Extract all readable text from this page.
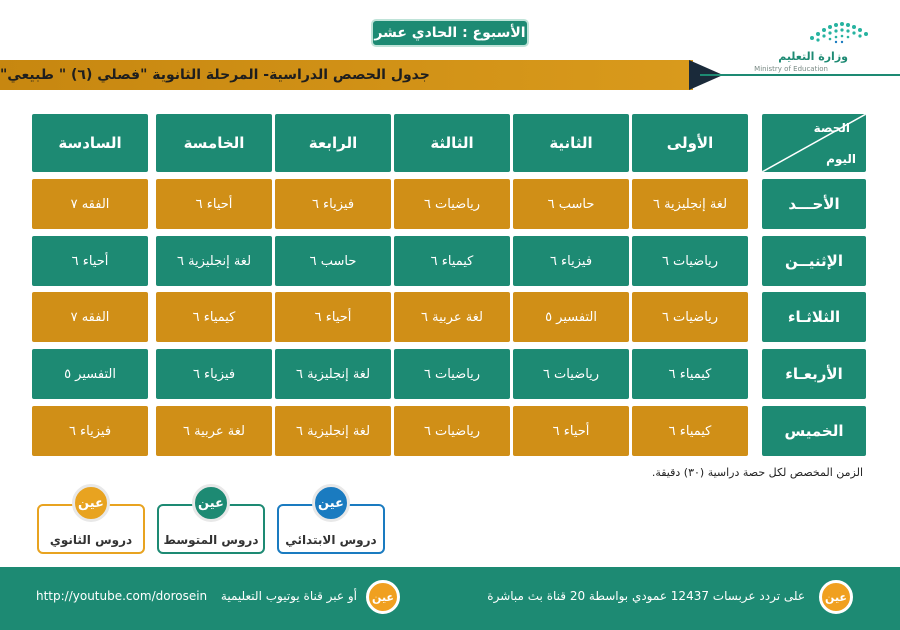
الأسبوع : الحادي عشر
وزارة التعليم
Ministry of Education
جدول الحصص الدراسية- المرحلة الثانوية "فصلي (٦) " طبيعي"
الحصة
اليوم
الأولى
الثانية
الثالثة
الرابعة
الخامسة
السادسة
الأحـــد
لغة إنجليزية ٦
حاسب ٦
رياضيات ٦
فيزياء ٦
أحياء ٦
الفقه ٧
الإثنيــن
رياضيات ٦
فيزياء ٦
كيمياء ٦
حاسب ٦
لغة إنجليزية ٦
أحياء ٦
الثلاثـاء
رياضيات ٦
التفسير ٥
لغة عربية ٦
أحياء ٦
كيمياء ٦
الفقه ٧
الأربعـاء
كيمياء ٦
رياضيات ٦
رياضيات ٦
لغة إنجليزية ٦
فيزياء ٦
التفسير ٥
الخميس
كيمياء ٦
أحياء ٦
رياضيات ٦
لغة إنجليزية ٦
لغة عربية ٦
فيزياء ٦
الزمن المخصص لكل حصة دراسية (٣٠) دقيقة.
دروس الثانوي
عين
دروس المتوسط
عين
دروس الابتدائي
عين
عين
على تردد عربسات 12437 عمودي بواسطة 20 قناة بث مباشرة
عين
أو عبر قناة يوتيوب التعليمية
http://youtube.com/dorosein
